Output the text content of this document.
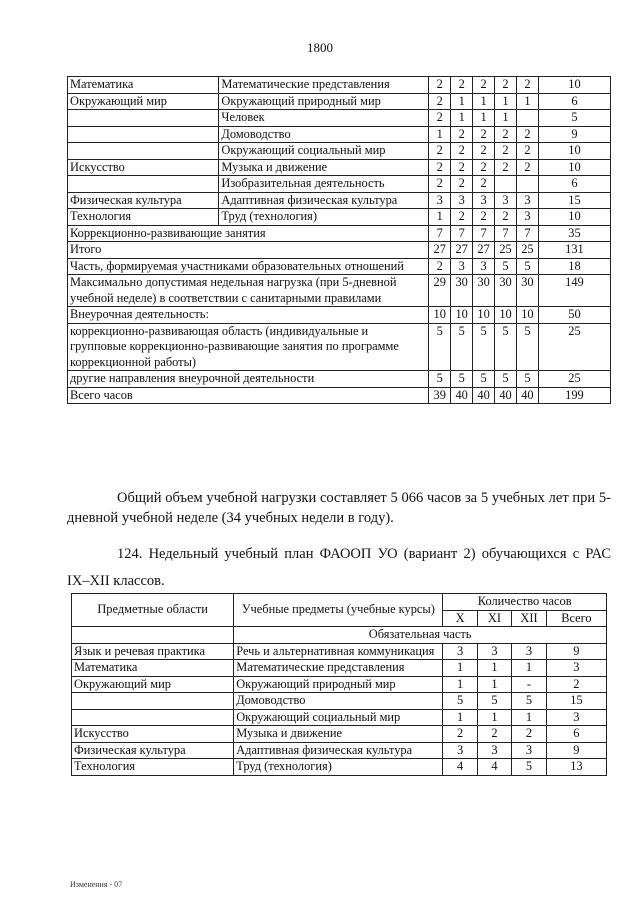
1800
Математика	Математические представления	2	2	2	2	2	10
Окружающий мир	Окружающий природный мир	2	1	1	1	1	6
	Человек	2	1	1	1		5
	Домоводство	1	2	2	2	2	9
	Окружающий социальный мир	2	2	2	2	2	10
Искусство	Музыка и движение	2	2	2	2	2	10
	Изобразительная деятельность	2	2	2			6
Физическая культура	Адаптивная физическая культура	3	3	3	3	3	15
Технология	Труд (технология)	1	2	2	2	3	10
Коррекционно-развивающие занятия		7	7	7	7	7	35
Итого		27	27	27	25	25	131
Часть, формируемая участниками образовательных отношений		2	3	3	5	5	18
Максимально допустимая недельная нагрузка (при 5-дневной учебной неделе) в соответствии с санитарными правилами		29	30	30	30	30	149
Внеурочная деятельность:		10	10	10	10	10	50
коррекционно-развивающая область (индивидуальные и групповые коррекционно-развивающие занятия по программе коррекционной работы)		5	5	5	5	5	25
другие направления внеурочной деятельности		5	5	5	5	5	25
Всего часов		39	40	40	40	40	199

Общий объем учебной нагрузки составляет 5 066 часов за 5 учебных лет при 5-дневной учебной неделе (34 учебных недели в году).

124. Недельный учебный план ФАООП УО (вариант 2) обучающихся с РАС IX–XII классов.

Предметные области	Учебные предметы (учебные курсы)	Количество часов			
		X	XI	XII	Всего
	Обязательная часть				
Язык и речевая практика	Речь и альтернативная коммуникация	3	3	3	9
Математика	Математические представления	1	1	1	3
Окружающий мир	Окружающий природный мир	1	1	-	2
	Домоводство	5	5	5	15
	Окружающий социальный мир	1	1	1	3
Искусство	Музыка и движение	2	2	2	6
Физическая культура	Адаптивная физическая культура	3	3	3	9
Технология	Труд (технология)	4	4	5	13
Изменения - 07
